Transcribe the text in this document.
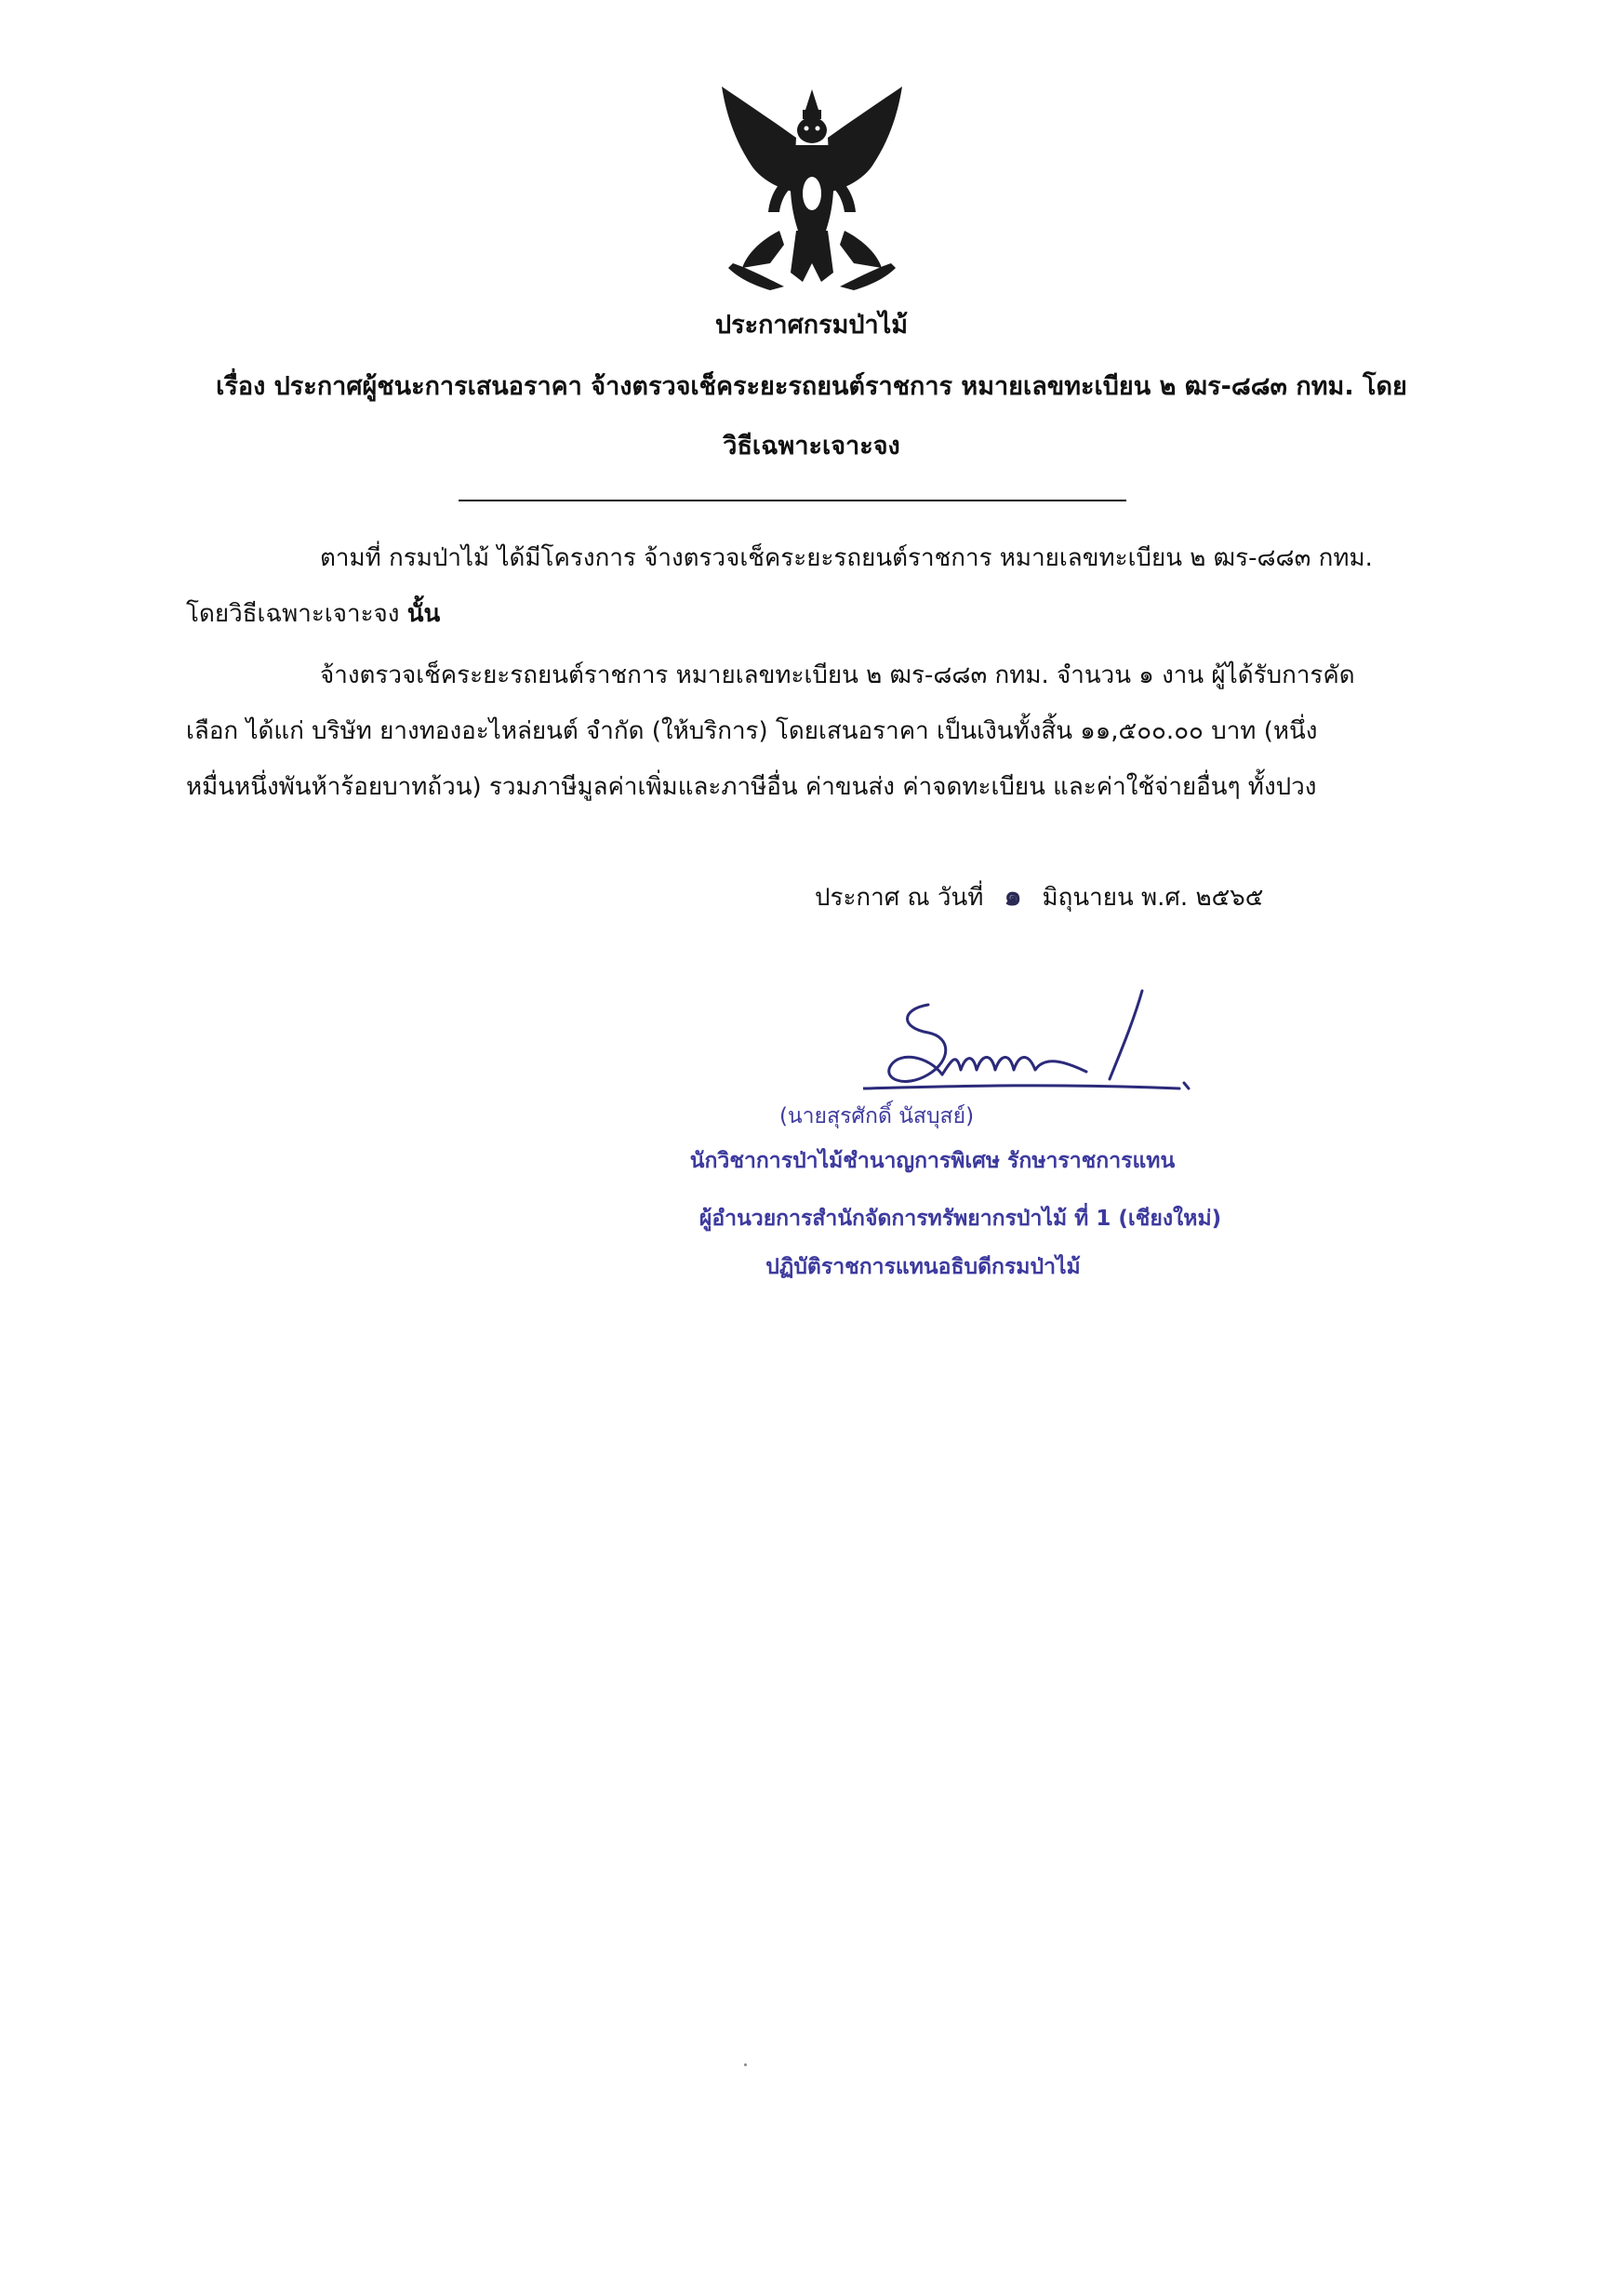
ประกาศกรมป่าไม้
เรื่อง ประกาศผู้ชนะการเสนอราคา จ้างตรวจเช็คระยะรถยนต์ราชการ หมายเลขทะเบียน ๒ ฒร-๘๘๓ กทม. โดย
วิธีเฉพาะเจาะจง
ตามที่ กรมป่าไม้ ได้มีโครงการ จ้างตรวจเช็คระยะรถยนต์ราชการ หมายเลขทะเบียน ๒ ฒร-๘๘๓ กทม.
โดยวิธีเฉพาะเจาะจง นั้น
จ้างตรวจเช็คระยะรถยนต์ราชการ หมายเลขทะเบียน ๒ ฒร-๘๘๓ กทม. จำนวน ๑ งาน ผู้ได้รับการคัด
เลือก ได้แก่ บริษัท ยางทองอะไหล่ยนต์ จำกัด (ให้บริการ) โดยเสนอราคา เป็นเงินทั้งสิ้น ๑๑,๕๐๐.๐๐ บาท (หนึ่ง
หมื่นหนึ่งพันห้าร้อยบาทถ้วน) รวมภาษีมูลค่าเพิ่มและภาษีอื่น ค่าขนส่ง ค่าจดทะเบียน และค่าใช้จ่ายอื่นๆ ทั้งปวง
ประกาศ ณ วันที่ ๑ มิถุนายน พ.ศ. ๒๕๖๕
(นายสุรศักดิ์ นัสบุสย์)
นักวิชาการป่าไม้ชำนาญการพิเศษ รักษาราชการแทน
ผู้อำนวยการสำนักจัดการทรัพยากรป่าไม้ ที่ 1 (เชียงใหม่)
ปฏิบัติราชการแทนอธิบดีกรมป่าไม้
